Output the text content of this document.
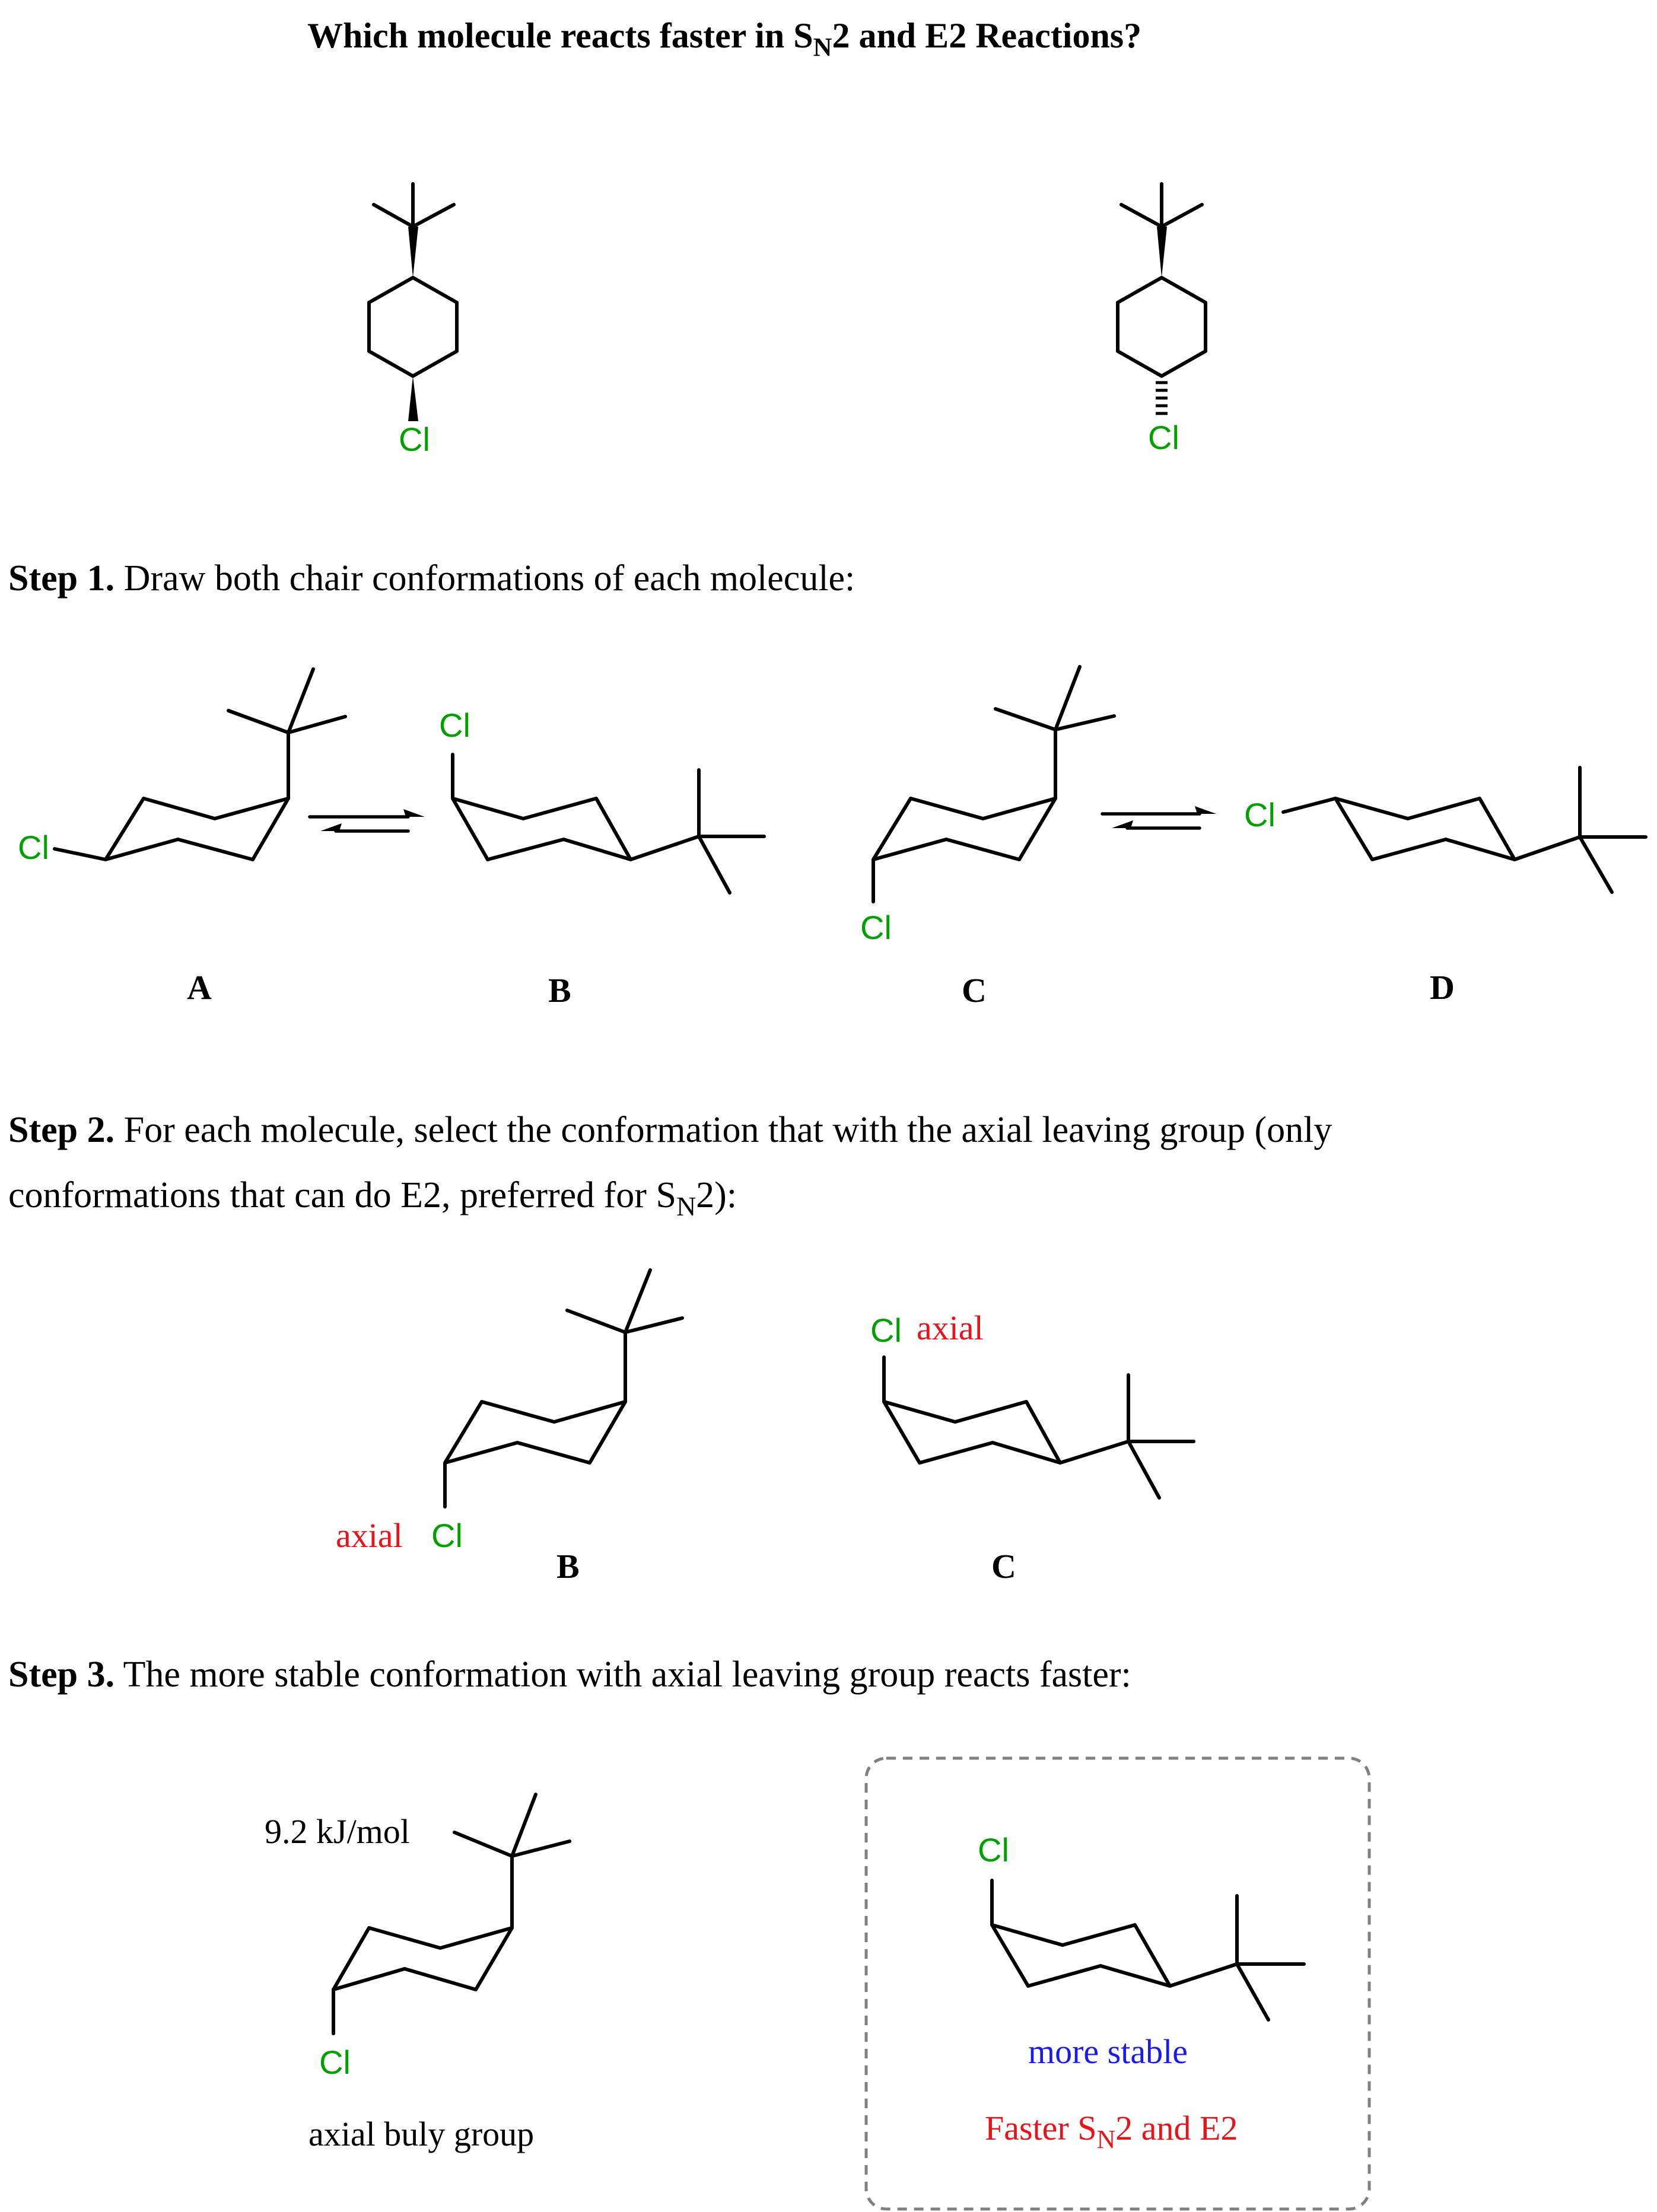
Which molecule reacts faster in $S_N2$ and E2 Reactions?
Cl	Cl
Step 1. Draw both chair conformations of each molecule:
Cl
Cl
Cl
Cl
A	B	C	D
Step 2. For each molecule, select the conformation that with the axial leaving group (only
conformations that can do E2, preferred for $S_N2$):
Cl
axial
B
Cl axial
C
Step 3. The more stable conformation with axial leaving group reacts faster:
9.2 kJ/mol
Cl
axial buly group
Cl
more stable
Faster $S_N2$ and E2
